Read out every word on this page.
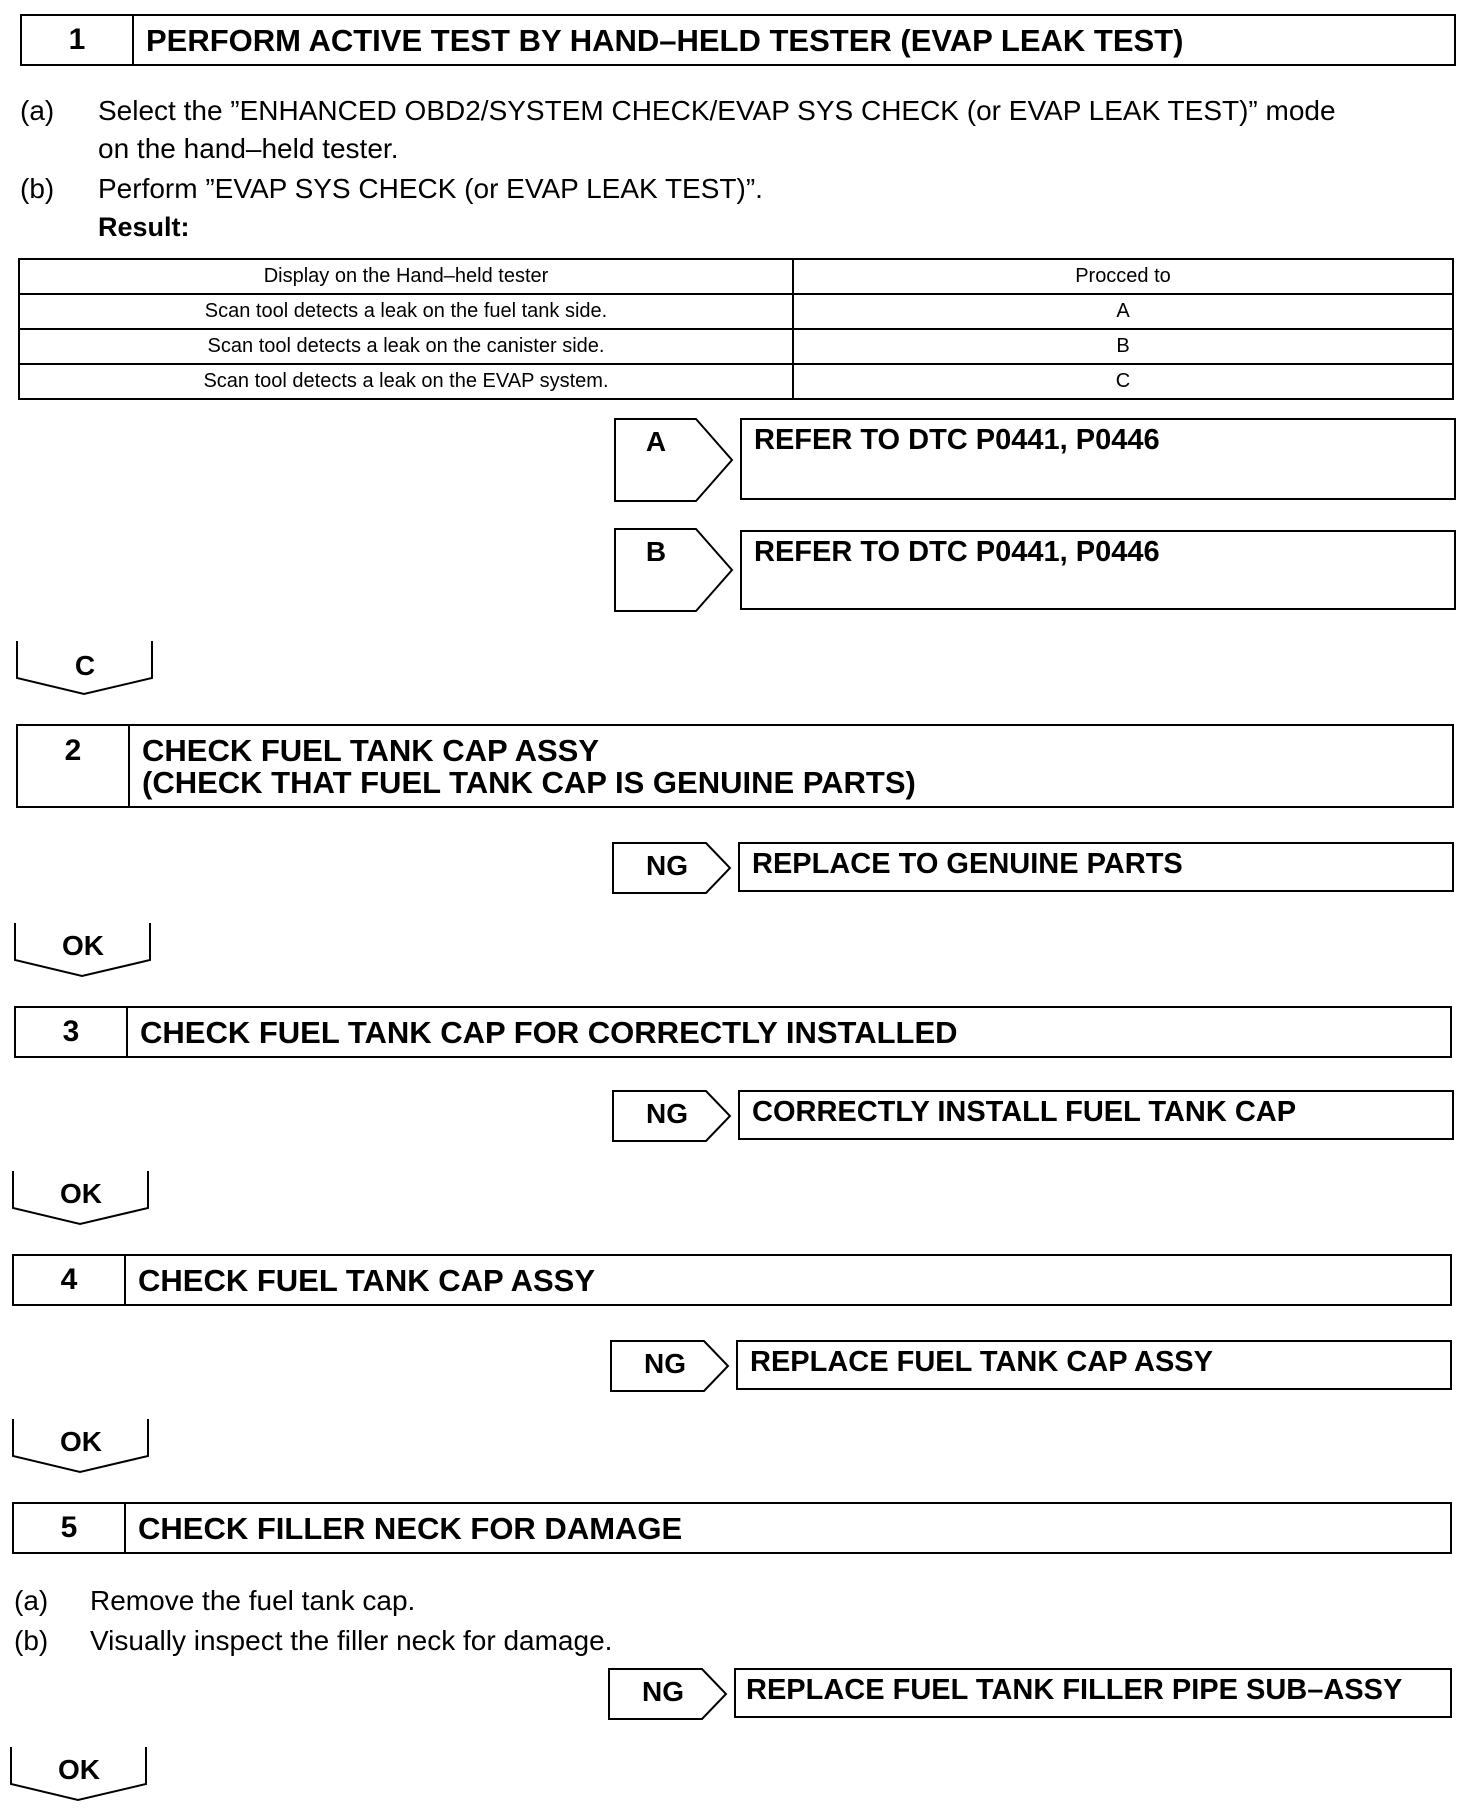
1	PERFORM ACTIVE TEST BY HAND–HELD TESTER (EVAP LEAK TEST)
(a) Select the ”ENHANCED OBD2/SYSTEM CHECK/EVAP SYS CHECK (or EVAP LEAK TEST)” mode
on the hand–held tester.
(b) Perform ”EVAP SYS CHECK (or EVAP LEAK TEST)”.
Result:
Display on the Hand–held tester	Procced to
Scan tool detects a leak on the fuel tank side.	A
Scan tool detects a leak on the canister side.	B
Scan tool detects a leak on the EVAP system.	C
A	REFER TO DTC P0441, P0446
B	REFER TO DTC P0441, P0446
C
2	CHECK FUEL TANK CAP ASSY
(CHECK THAT FUEL TANK CAP IS GENUINE PARTS)
NG	REPLACE TO GENUINE PARTS
OK
3	CHECK FUEL TANK CAP FOR CORRECTLY INSTALLED
NG	CORRECTLY INSTALL FUEL TANK CAP
OK
4	CHECK FUEL TANK CAP ASSY
NG	REPLACE FUEL TANK CAP ASSY
OK
5	CHECK FILLER NECK FOR DAMAGE
(a) Remove the fuel tank cap.
(b) Visually inspect the filler neck for damage.
NG	REPLACE FUEL TANK FILLER PIPE SUB–ASSY
OK
